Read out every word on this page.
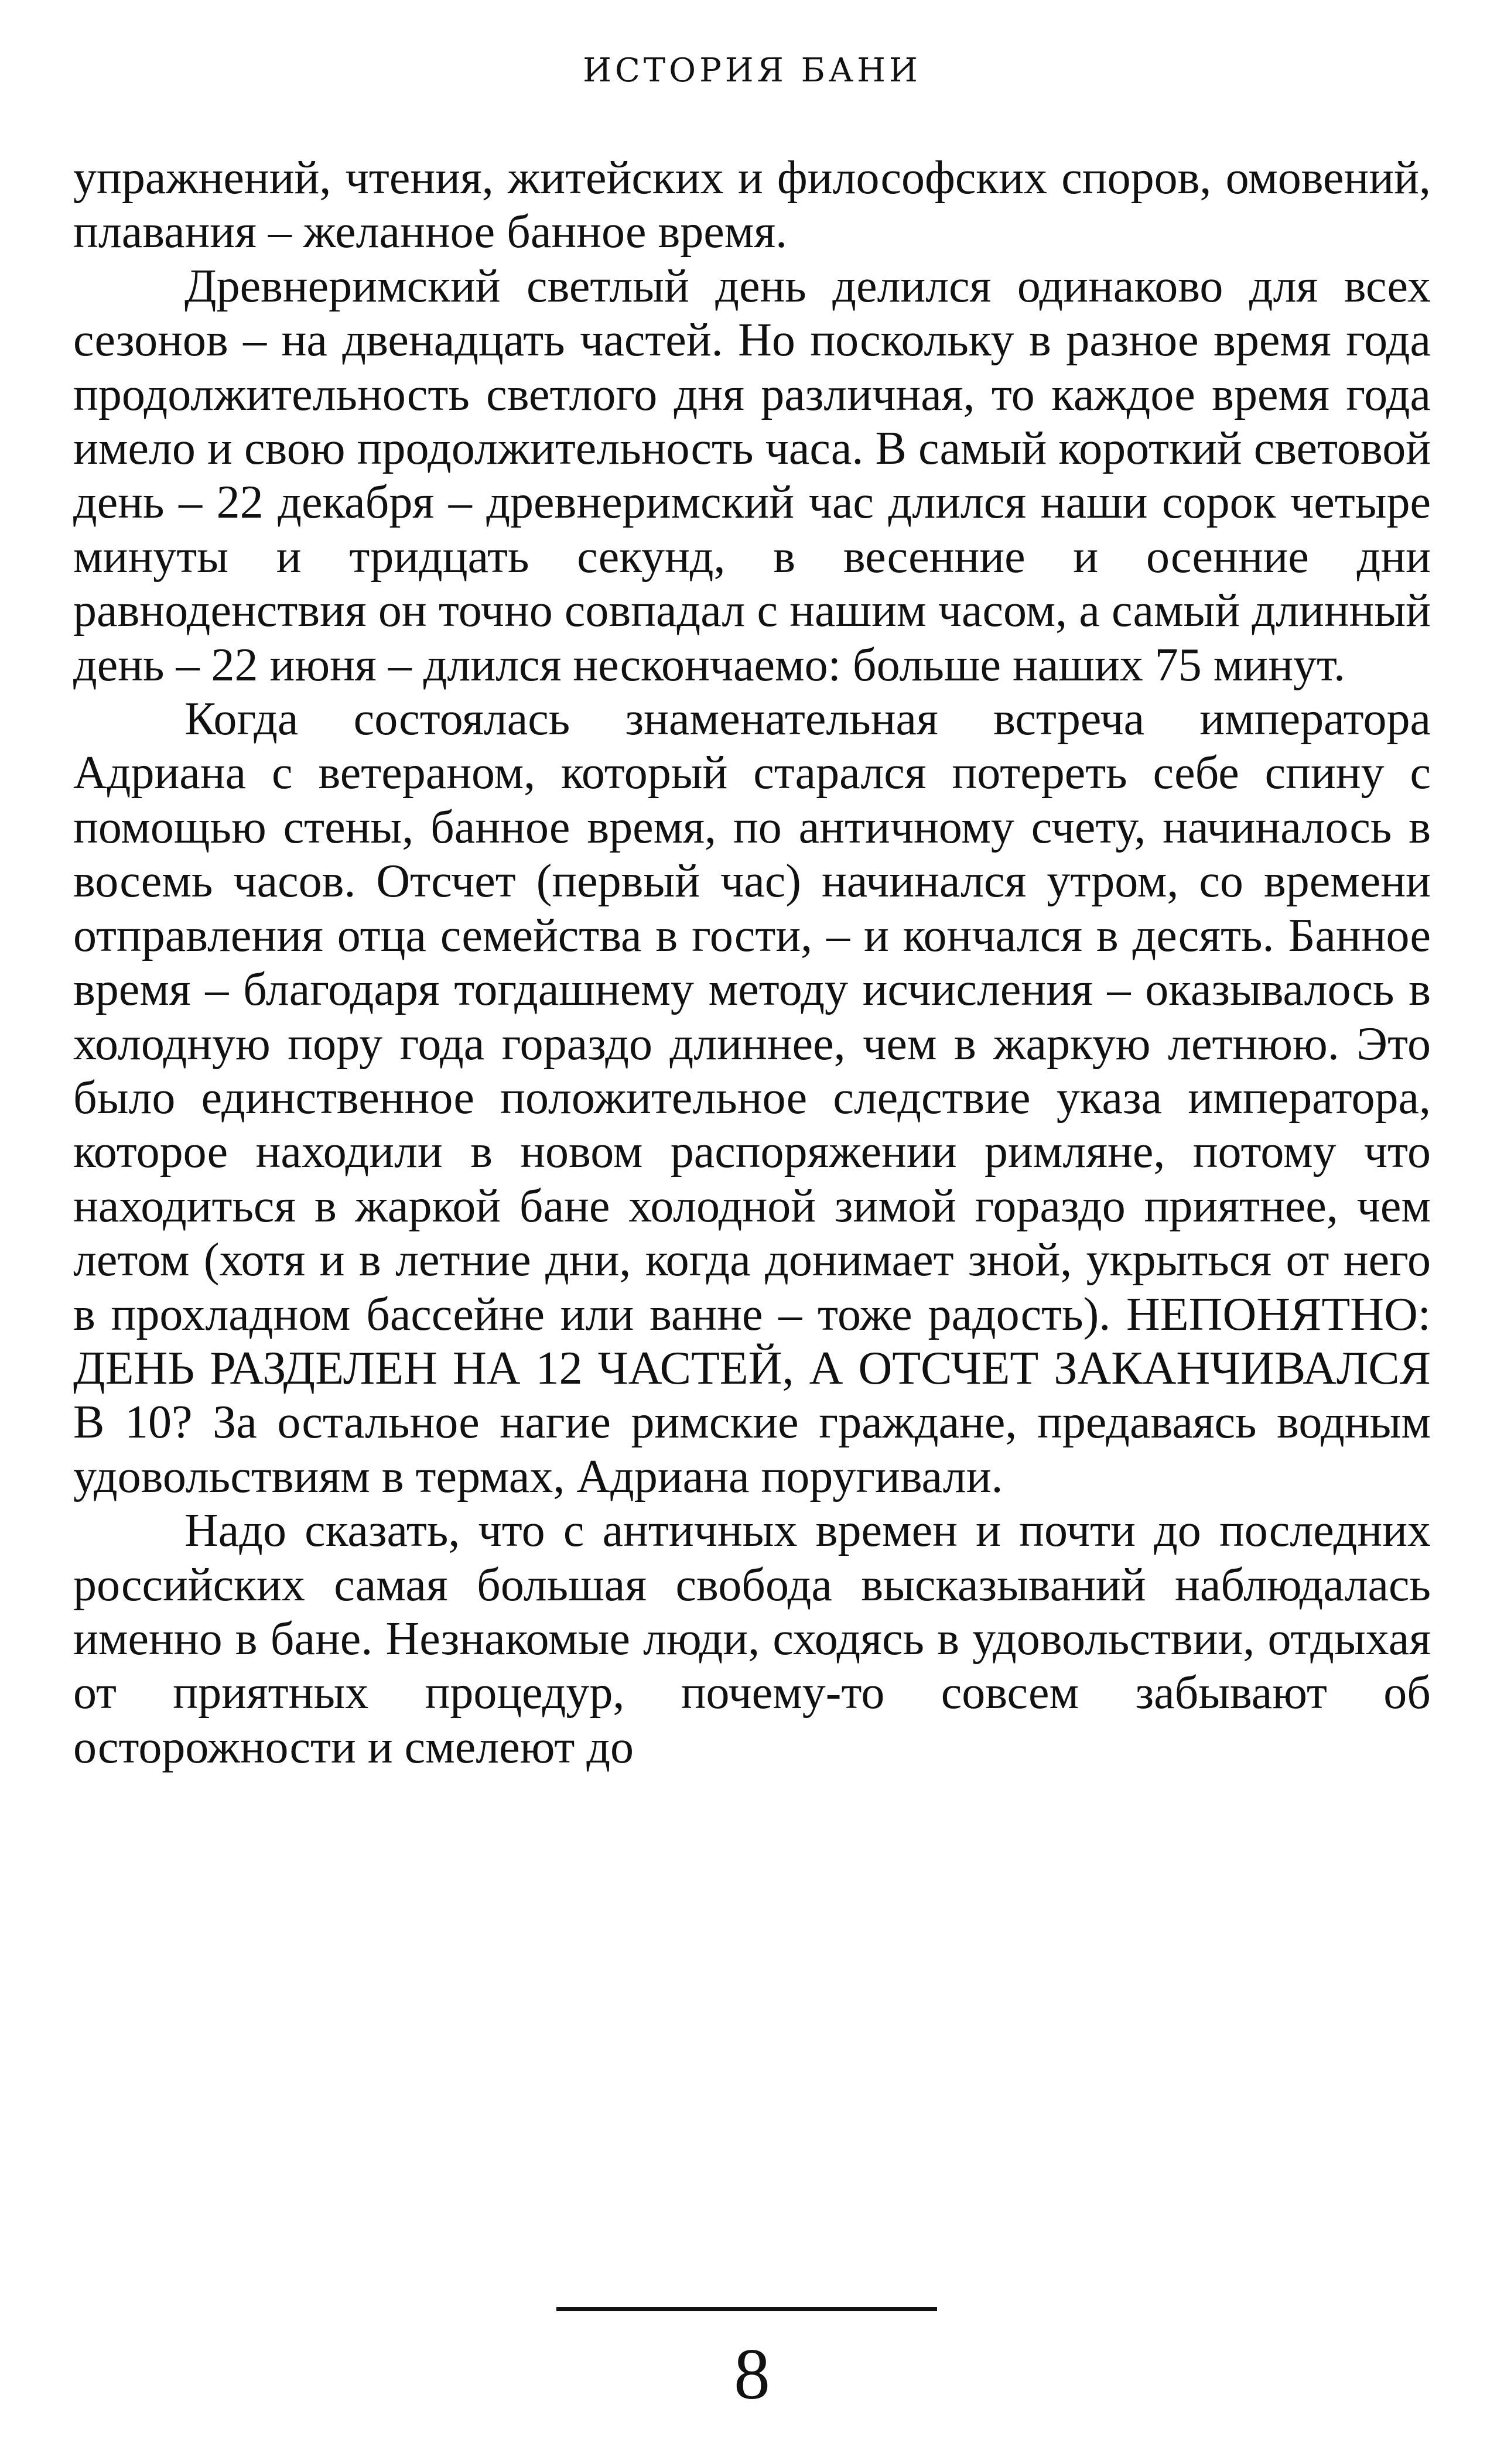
ИСТОРИЯ БАНИ

упражнений, чтения, житейских и философских споров, омовений, плавания – желанное банное время.

Древнеримский светлый день делился одинаково для всех сезонов – на двенадцать частей. Но поскольку в разное время года продолжительность светлого дня различная, то каждое время года имело и свою продолжительность часа. В самый короткий световой день – 22 декабря – древнеримский час длился наши сорок четыре минуты и тридцать секунд, в весенние и осенние дни равноденствия он точно совпадал с нашим часом, а самый длинный день – 22 июня – длился нескончаемо: больше наших 75 минут.

Когда состоялась знаменательная встреча императора Адриана с ветераном, который старался потереть себе спину с помощью стены, банное время, по античному счету, начиналось в восемь часов. Отсчет (первый час) начинался утром, со времени отправления отца семейства в гости, – и кончался в десять. Банное время – благодаря тогдашнему методу исчисления – оказывалось в холодную пору года гораздо длиннее, чем в жаркую летнюю. Это было единственное положительное следствие указа императора, которое находили в новом распоряжении римляне, потому что находиться в жаркой бане холодной зимой гораздо приятнее, чем летом (хотя и в летние дни, когда донимает зной, укрыться от него в прохладном бассейне или ванне – тоже радость). НЕПОНЯТНО: ДЕНЬ РАЗДЕЛЕН НА 12 ЧАСТЕЙ, А ОТСЧЕТ ЗАКАНЧИВАЛСЯ В 10? За остальное нагие римские граждане, предаваясь водным удовольствиям в термах, Адриана поругивали.

Надо сказать, что с античных времен и почти до последних российских самая большая свобода высказываний наблюдалась именно в бане. Незнакомые люди, сходясь в удовольствии, отдыхая от приятных процедур, почему-то совсем забывают об осторожности и смелеют до

8
